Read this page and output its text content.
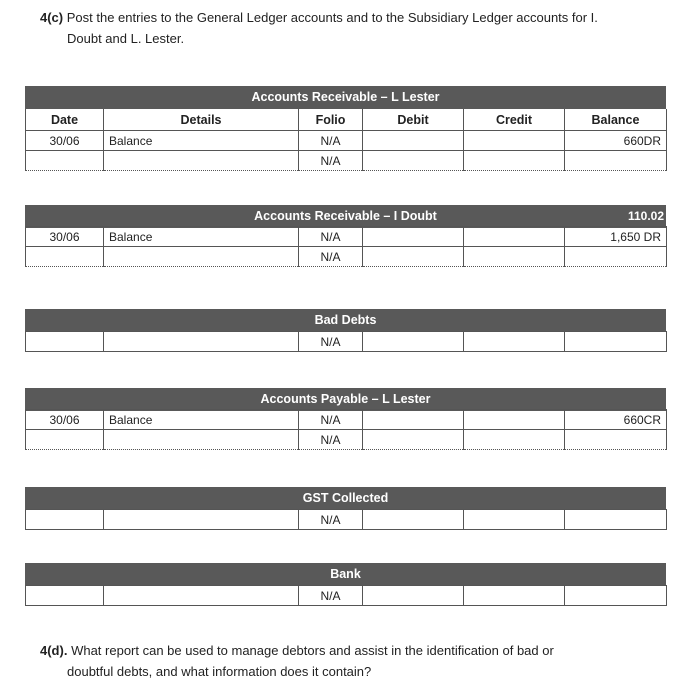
4(c) Post the entries to the General Ledger accounts and to the Subsidiary Ledger accounts for I.
Doubt and L. Lester.
Accounts Receivable – L Lester
Date	Details	Folio	Debit	Credit	Balance
30/06	Balance	N/A			660DR
		N/A			
Accounts Receivable – I Doubt	110.02
30/06	Balance	N/A			1,650 DR
		N/A			
Bad Debts
		N/A			
Accounts Payable – L Lester
30/06	Balance	N/A			660CR
		N/A			
GST Collected
		N/A			
Bank
		N/A			
4(d). What report can be used to manage debtors and assist in the identification of bad or
doubtful debts, and what information does it contain?
